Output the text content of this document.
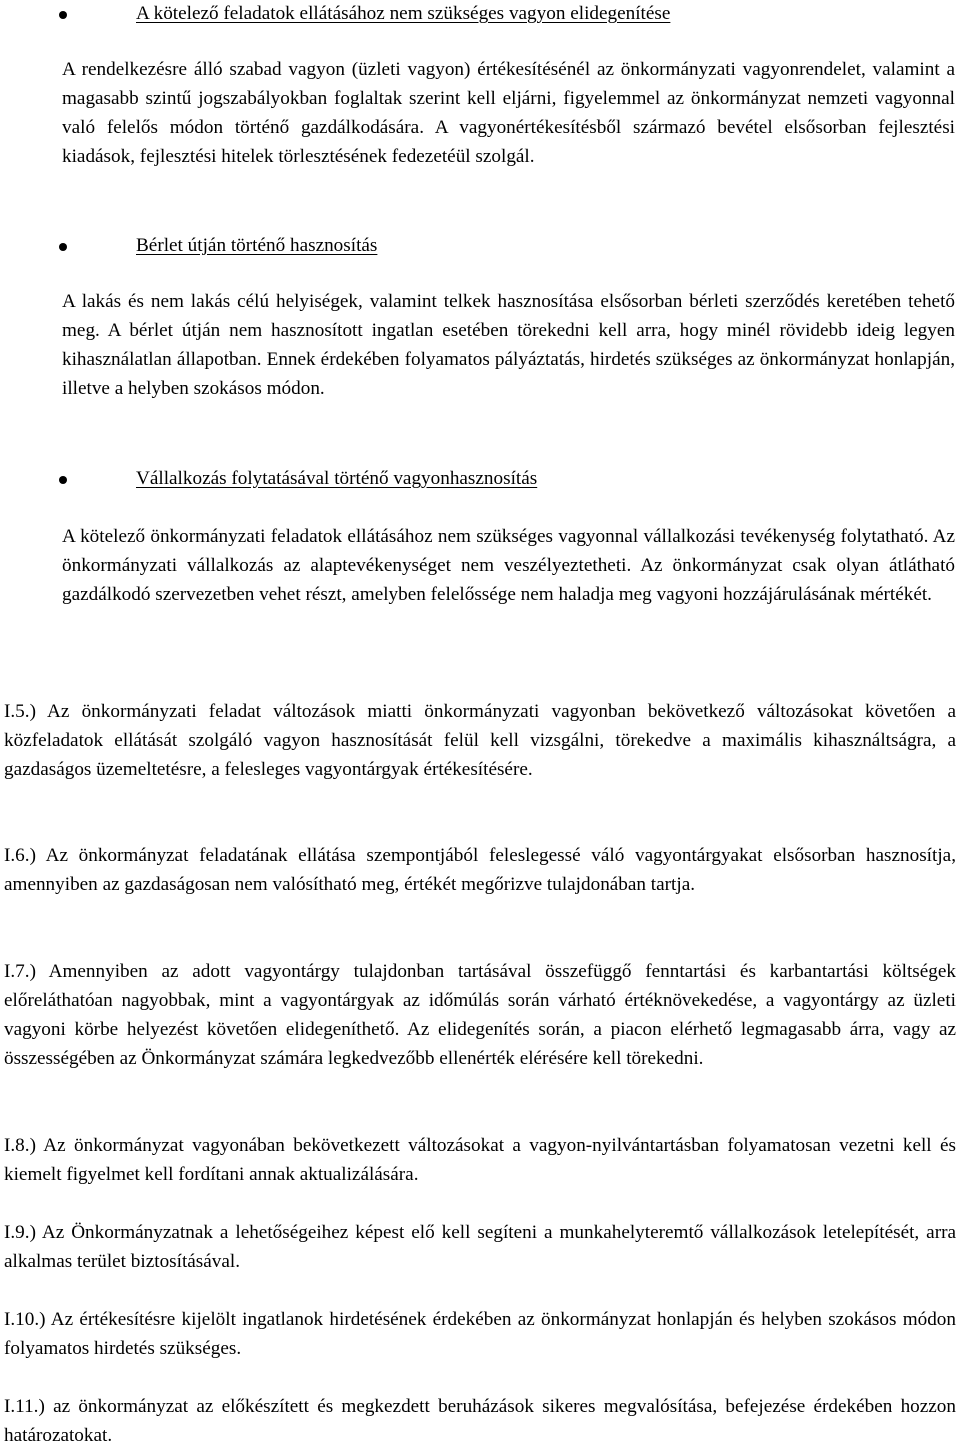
A kötelező feladatok ellátásához nem szükséges vagyon elidegenítése

A rendelkezésre álló szabad vagyon (üzleti vagyon) értékesítésénél az önkormányzati vagyonrendelet, valamint a magasabb szintű jogszabályokban foglaltak szerint kell eljárni, figyelemmel az önkormányzat nemzeti vagyonnal való felelős módon történő gazdálkodására. A vagyonértékesítésből származó bevétel elsősorban fejlesztési kiadások, fejlesztési hitelek törlesztésének fedezetéül szolgál.

Bérlet útján történő hasznosítás

A lakás és nem lakás célú helyiségek, valamint telkek hasznosítása elsősorban bérleti szerződés keretében tehető meg. A bérlet útján nem hasznosított ingatlan esetében törekedni kell arra, hogy minél rövidebb ideig legyen kihasználatlan állapotban. Ennek érdekében folyamatos pályáztatás, hirdetés szükséges az önkormányzat honlapján, illetve a helyben szokásos módon.

Vállalkozás folytatásával történő vagyonhasznosítás

A kötelező önkormányzati feladatok ellátásához nem szükséges vagyonnal vállalkozási tevékenység folytatható. Az önkormányzati vállalkozás az alaptevékenységet nem veszélyeztetheti. Az önkormányzat csak olyan átlátható gazdálkodó szervezetben vehet részt, amelyben felelőssége nem haladja meg vagyoni hozzájárulásának mértékét.

I.5.) Az önkormányzati feladat változások miatti önkormányzati vagyonban bekövetkező változásokat követően a közfeladatok ellátását szolgáló vagyon hasznosítását felül kell vizsgálni, törekedve a maximális kihasználtságra, a gazdaságos üzemeltetésre, a felesleges vagyontárgyak értékesítésére.

I.6.) Az önkormányzat feladatának ellátása szempontjából feleslegessé váló vagyontárgyakat elsősorban hasznosítja, amennyiben az gazdaságosan nem valósítható meg, értékét megőrizve tulajdonában tartja.

I.7.) Amennyiben az adott vagyontárgy tulajdonban tartásával összefüggő fenntartási és karbantartási költségek előreláthatóan nagyobbak, mint a vagyontárgyak az időmúlás során várható értéknövekedése, a vagyontárgy az üzleti vagyoni körbe helyezést követően elidegeníthető. Az elidegenítés során, a piacon elérhető legmagasabb árra, vagy az összességében az Önkormányzat számára legkedvezőbb ellenérték elérésére kell törekedni.

I.8.) Az önkormányzat vagyonában bekövetkezett változásokat a vagyon-nyilvántartásban folyamatosan vezetni kell és kiemelt figyelmet kell fordítani annak aktualizálására.

I.9.) Az Önkormányzatnak a lehetőségeihez képest elő kell segíteni a munkahelyteremtő vállalkozások letelepítését, arra alkalmas terület biztosításával.

I.10.) Az értékesítésre kijelölt ingatlanok hirdetésének érdekében az önkormányzat honlapján és helyben szokásos módon folyamatos hirdetés szükséges.

I.11.) az önkormányzat az előkészített és megkezdett beruházások sikeres megvalósítása, befejezése érdekében hozzon határozatokat.
